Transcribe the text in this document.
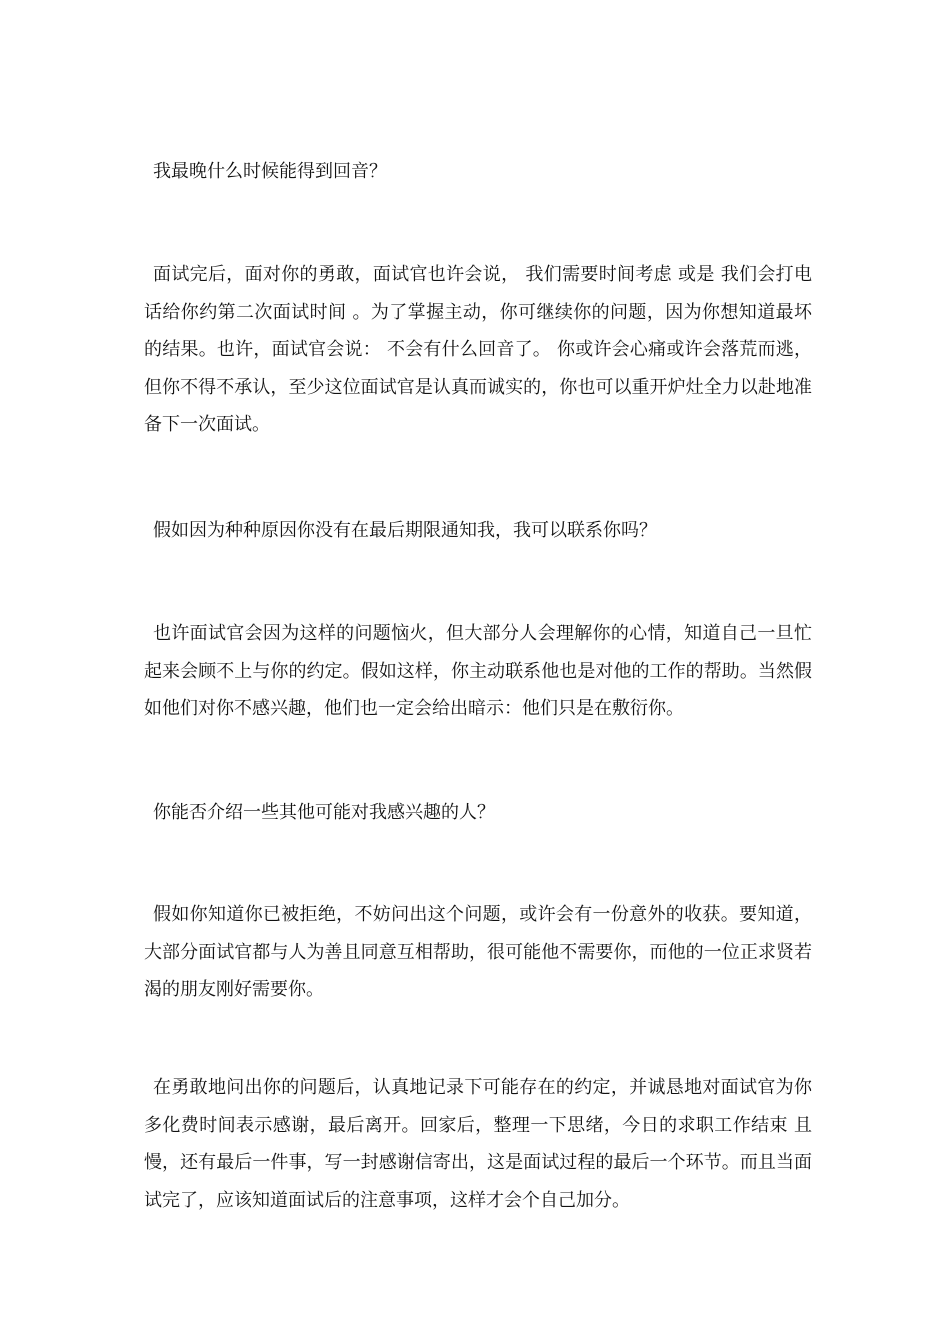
我最晚什么时候能得到回音？

面试完后，面对你的勇敢，面试官也许会说， 我们需要时间考虑 或是 我们会打电话给你约第二次面试时间 。为了掌握主动，你可继续你的问题，因为你想知道最坏的结果。也许，面试官会说： 不会有什么回音了。 你或许会心痛或许会落荒而逃，但你不得不承认，至少这位面试官是认真而诚实的，你也可以重开炉灶全力以赴地准备下一次面试。

假如因为种种原因你没有在最后期限通知我，我可以联系你吗？

也许面试官会因为这样的问题恼火，但大部分人会理解你的心情，知道自己一旦忙起来会顾不上与你的约定。假如这样，你主动联系他也是对他的工作的帮助。当然假如他们对你不感兴趣，他们也一定会给出暗示：他们只是在敷衍你。

你能否介绍一些其他可能对我感兴趣的人？

假如你知道你已被拒绝，不妨问出这个问题，或许会有一份意外的收获。要知道，大部分面试官都与人为善且同意互相帮助，很可能他不需要你，而他的一位正求贤若渴的朋友刚好需要你。

在勇敢地问出你的问题后，认真地记录下可能存在的约定，并诚恳地对面试官为你多化费时间表示感谢，最后离开。回家后，整理一下思绪，今日的求职工作结束 且慢，还有最后一件事，写一封感谢信寄出，这是面试过程的最后一个环节。而且当面试完了，应该知道面试后的注意事项，这样才会个自己加分。
